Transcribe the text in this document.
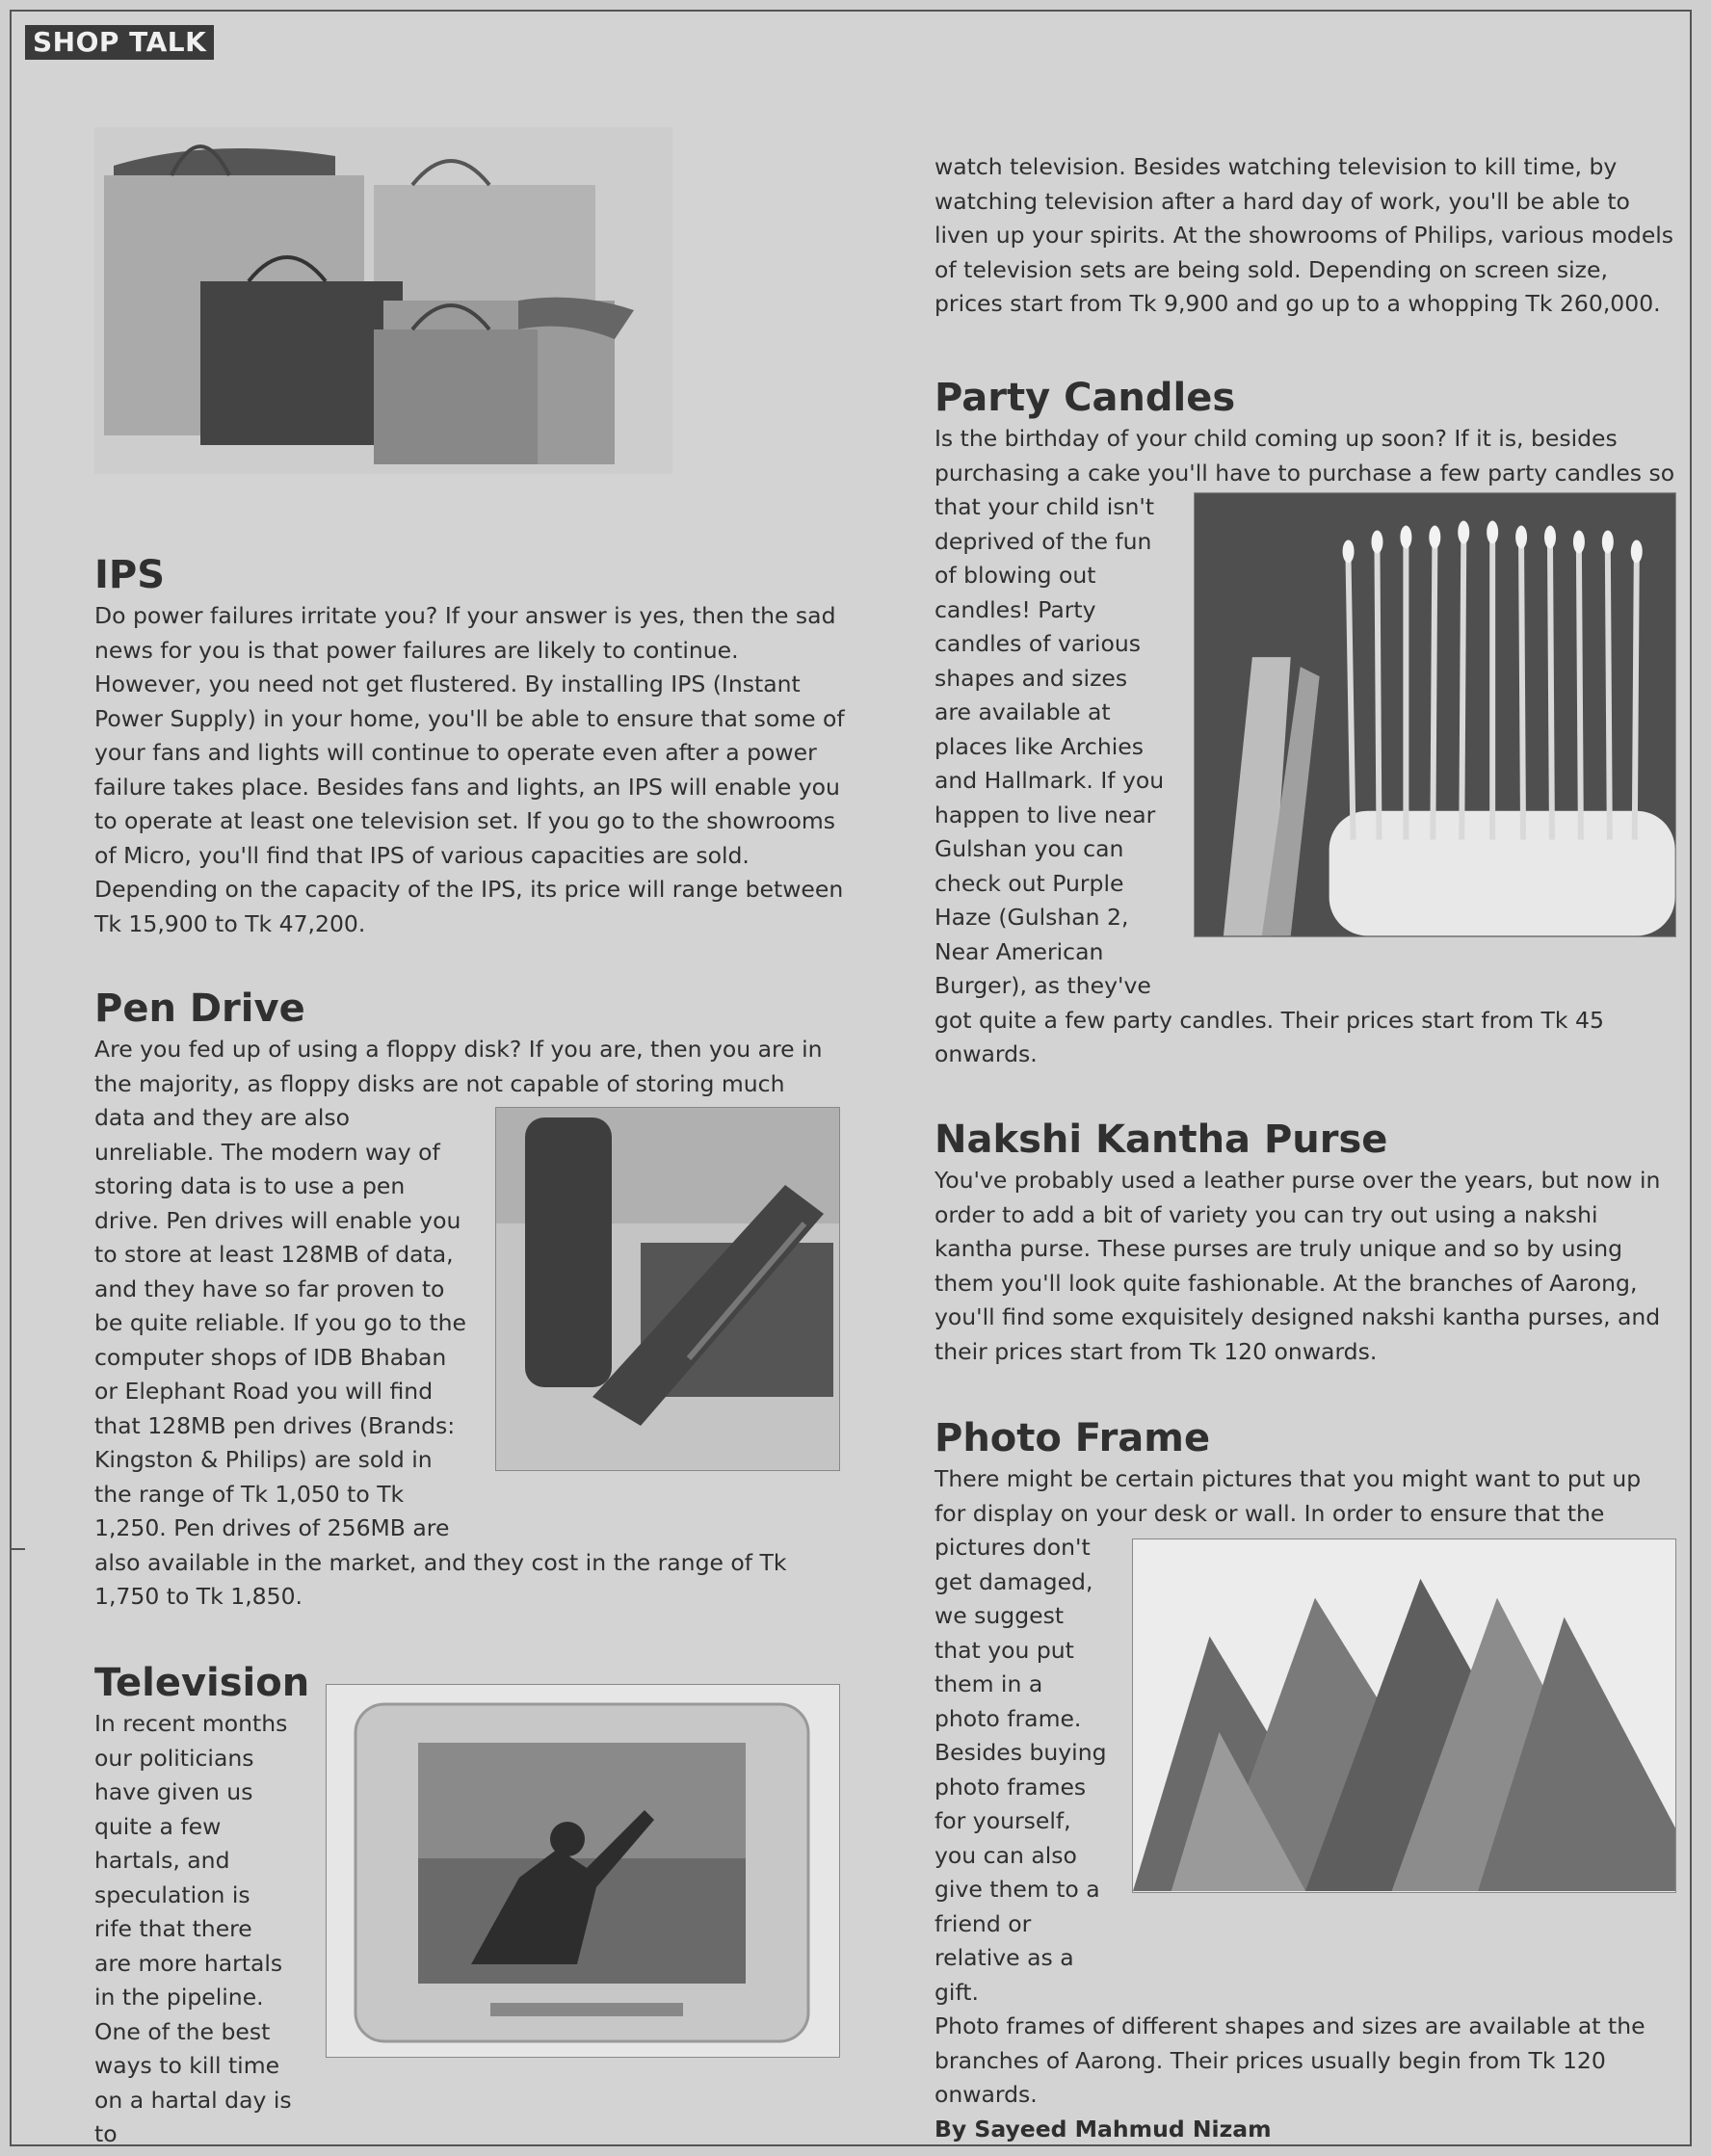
SHOP TALK
IPS

Do power failures irritate you? If your answer is yes, then the sad news for you is that power failures are likely to continue. However, you need not get flustered. By installing IPS (Instant Power Supply) in your home, you'll be able to ensure that some of your fans and lights will continue to operate even after a power failure takes place. Besides fans and lights, an IPS will enable you to operate at least one television set. If you go to the showrooms of Micro, you'll find that IPS of various capacities are sold. Depending on the capacity of the IPS, its price will range between Tk 15,900 to Tk 47,200.

Pen Drive

Are you fed up of using a floppy disk? If you are, then you are in the majority, as floppy disks are not capable of storing much

data and they are also unreliable. The modern way of storing data is to use a pen drive. Pen drives will enable you to store at least 128MB of data, and they have so far proven to be quite reliable. If you go to the computer shops of IDB Bhaban or Elephant Road you will find that 128MB pen drives (Brands: Kingston & Philips) are sold in the range of Tk 1,050 to Tk 1,250. Pen drives of 256MB are

also available in the market, and they cost in the range of Tk 1,750 to Tk 1,850.

Television

In recent months our politicians have given us quite a few hartals, and speculation is rife that there are more hartals in the pipeline. One of the best ways to kill time on a hartal day is to

watch television. Besides watching television to kill time, by watching television after a hard day of work, you'll be able to liven up your spirits. At the showrooms of Philips, various models of television sets are being sold. Depending on screen size, prices start from Tk 9,900 and go up to a whopping Tk 260,000.

Party Candles

Is the birthday of your child coming up soon? If it is, besides purchasing a cake you'll have to purchase a few party candles so

that your child isn't deprived of the fun of blowing out candles! Party candles of various shapes and sizes are available at places like Archies and Hallmark. If you happen to live near Gulshan you can check out Purple Haze (Gulshan 2, Near American Burger), as they've

got quite a few party candles. Their prices start from Tk 45 onwards.

Nakshi Kantha Purse

You've probably used a leather purse over the years, but now in order to add a bit of variety you can try out using a nakshi kantha purse. These purses are truly unique and so by using them you'll look quite fashionable. At the branches of Aarong, you'll find some exquisitely designed nakshi kantha purses, and their prices start from Tk 120 onwards.

Photo Frame

There might be certain pictures that you might want to put up for display on your desk or wall. In order to ensure that the

pictures don't get damaged, we suggest that you put them in a photo frame. Besides buying photo frames for yourself, you can also give them to a friend or relative as a gift.

Photo frames of different shapes and sizes are available at the branches of Aarong. Their prices usually begin from Tk 120 onwards.

By Sayeed Mahmud Nizam
